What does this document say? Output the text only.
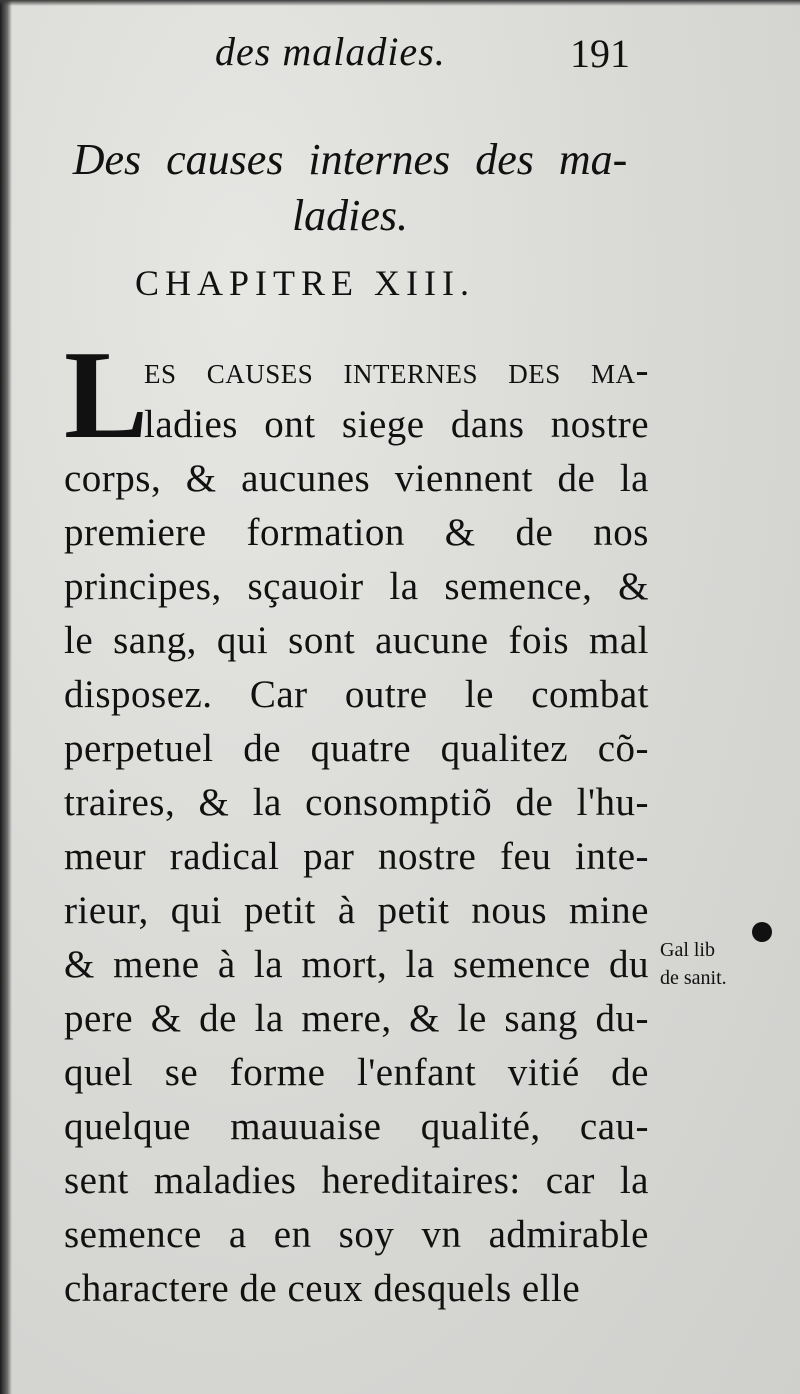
des maladies.	191
Des causes internes des ma-
ladies.
CHAPITRE XIII.
L
es causes internes des ma-
ladies ont siege dans nostre
corps, & aucunes viennent de la
premiere formation & de nos
principes, sçauoir la semence, &
le sang, qui sont aucune fois mal
disposez. Car outre le combat
perpetuel de quatre qualitez cõ-
traires, & la consomptiõ de l'hu-
meur radical par nostre feu inte-
rieur, qui petit à petit nous mine
& mene à la mort, la semence du
pere & de la mere, & le sang du-
quel se forme l'enfant vitié de
quelque mauuaise qualité, cau-
sent maladies hereditaires: car la
semence a en soy vn admirable
charactere de ceux desquels elle
Gal lib
de sanit.
